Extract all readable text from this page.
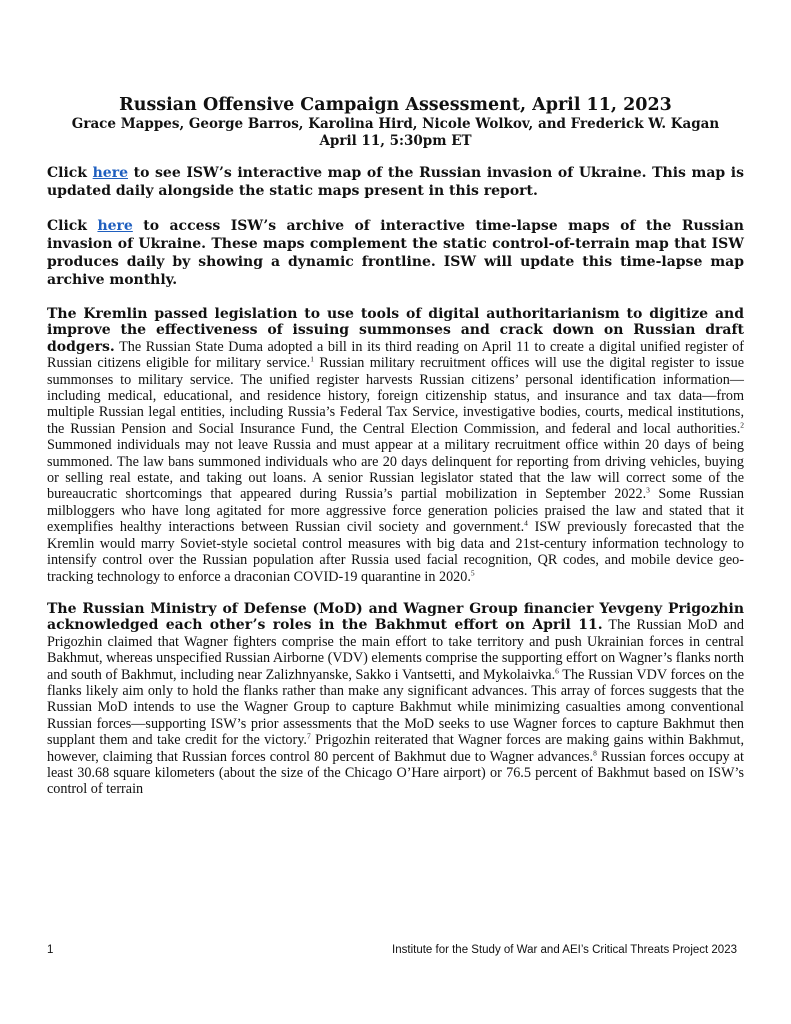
Russian Offensive Campaign Assessment, April 11, 2023
Grace Mappes, George Barros, Karolina Hird, Nicole Wolkov, and Frederick W. Kagan
April 11, 5:30pm ET

Click here to see ISW’s interactive map of the Russian invasion of Ukraine. This map is updated daily alongside the static maps present in this report.

Click here to access ISW’s archive of interactive time-lapse maps of the Russian invasion of Ukraine. These maps complement the static control-of-terrain map that ISW produces daily by showing a dynamic frontline. ISW will update this time-lapse map archive monthly.

The Kremlin passed legislation to use tools of digital authoritarianism to digitize and improve the effectiveness of issuing summonses and crack down on Russian draft dodgers. The Russian State Duma adopted a bill in its third reading on April 11 to create a digital unified register of Russian citizens eligible for military service.$^1$ Russian military recruitment offices will use the digital register to issue summonses to military service. The unified register harvests Russian citizens’ personal identification information—including medical, educational, and residence history, foreign citizenship status, and insurance and tax data—from multiple Russian legal entities, including Russia’s Federal Tax Service, investigative bodies, courts, medical institutions, the Russian Pension and Social Insurance Fund, the Central Election Commission, and federal and local authorities.$^2$ Summoned individuals may not leave Russia and must appear at a military recruitment office within 20 days of being summoned. The law bans summoned individuals who are 20 days delinquent for reporting from driving vehicles, buying or selling real estate, and taking out loans. A senior Russian legislator stated that the law will correct some of the bureaucratic shortcomings that appeared during Russia’s partial mobilization in September 2022.$^3$ Some Russian milbloggers who have long agitated for more aggressive force generation policies praised the law and stated that it exemplifies healthy interactions between Russian civil society and government.$^4$ ISW previously forecasted that the Kremlin would marry Soviet-style societal control measures with big data and 21st-century information technology to intensify control over the Russian population after Russia used facial recognition, QR codes, and mobile device geo-tracking technology to enforce a draconian COVID-19 quarantine in 2020.$^5$

The Russian Ministry of Defense (MoD) and Wagner Group financier Yevgeny Prigozhin acknowledged each other’s roles in the Bakhmut effort on April 11. The Russian MoD and Prigozhin claimed that Wagner fighters comprise the main effort to take territory and push Ukrainian forces in central Bakhmut, whereas unspecified Russian Airborne (VDV) elements comprise the supporting effort on Wagner’s flanks north and south of Bakhmut, including near Zalizhnyanske, Sakko i Vantsetti, and Mykolaivka.$^6$ The Russian VDV forces on the flanks likely aim only to hold the flanks rather than make any significant advances. This array of forces suggests that the Russian MoD intends to use the Wagner Group to capture Bakhmut while minimizing casualties among conventional Russian forces—supporting ISW’s prior assessments that the MoD seeks to use Wagner forces to capture Bakhmut then supplant them and take credit for the victory.$^7$ Prigozhin reiterated that Wagner forces are making gains within Bakhmut, however, claiming that Russian forces control 80 percent of Bakhmut due to Wagner advances.$^8$ Russian forces occupy at least 30.68 square kilometers (about the size of the Chicago O’Hare airport) or 76.5 percent of Bakhmut based on ISW’s control of terrain

1	Institute for the Study of War and AEI’s Critical Threats Project 2023
